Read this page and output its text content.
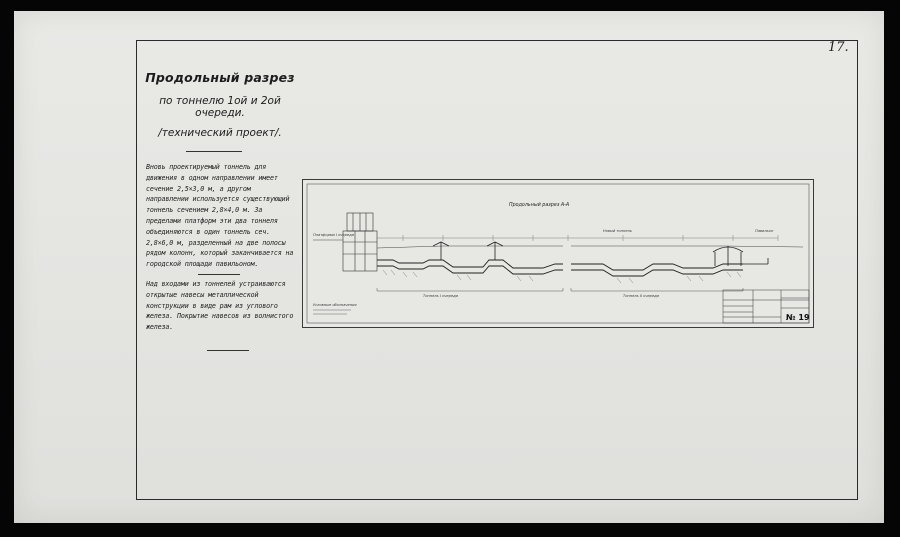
17.
Продольный разрез
по тоннелю 1ой и 2ой очереди.
/технический проект/.

Вновь проектируемый тоннель для движения в одном направлении имеет сечение 2,5×3,0 м, а другом направлении используется существующий тоннель сечением 2,8×4,0 м. За пределами платформ эти два тоннеля объединяются в один тоннель сеч. 2,8×6,0 м, разделенный на две полосы рядом колонн, который заканчивается на городской площади павильоном.

Над входами из тоннелей устраиваются открытые навесы металлической конструкции в виде рам из углового железа. Покрытие навесов из волнистого железа.

Продольный разрез А-А
Платформа I очереди
Новый тоннель	Павильон
Тоннель I очереди	Тоннель II очереди
Условные обозначения
№ 19
